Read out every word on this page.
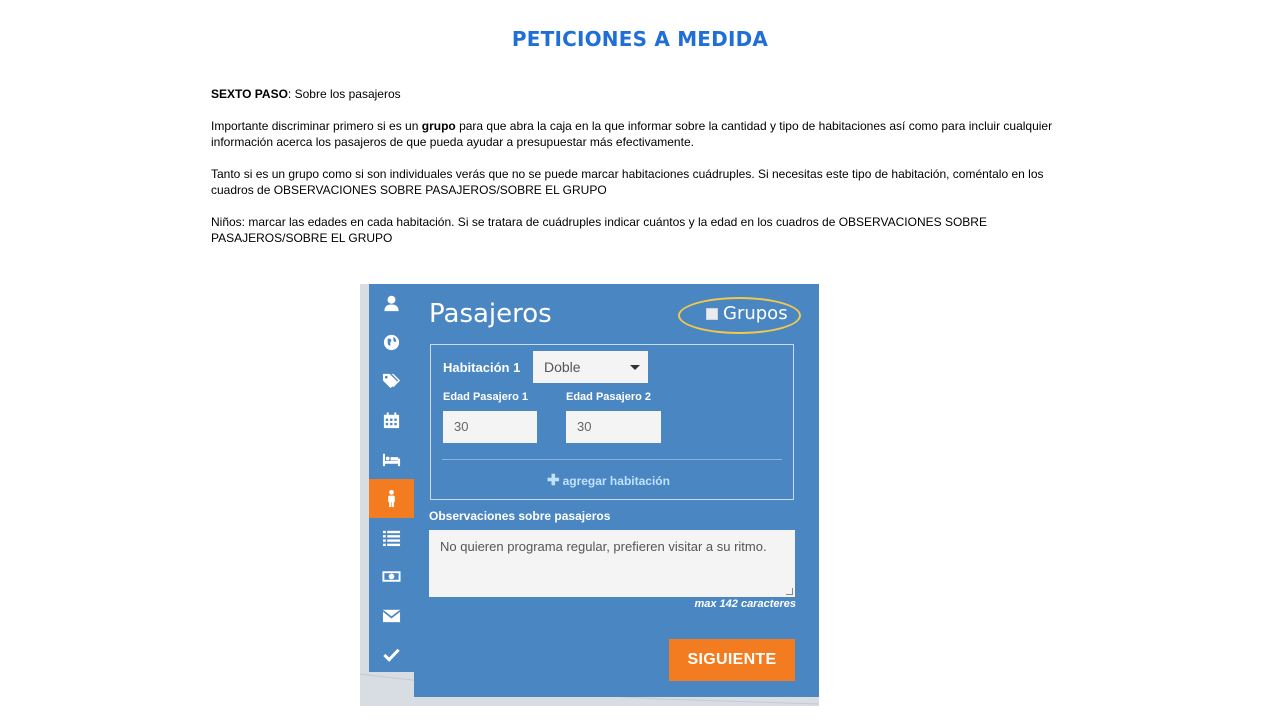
PETICIONES A MEDIDA

SEXTO PASO: Sobre los pasajeros

Importante discriminar primero si es un grupo para que abra la caja en la que informar sobre la cantidad y tipo de habitaciones así como para incluir cualquier información acerca los pasajeros de que pueda ayudar a presupuestar más efectivamente.

Tanto si es un grupo como si son individuales verás que no se puede marcar habitaciones cuádruples. Si necesitas este tipo de habitación, coméntalo en los cuadros de OBSERVACIONES SOBRE PASAJEROS/SOBRE EL GRUPO

Niños: marcar las edades en cada habitación. Si se tratara de cuádruples indicar cuántos y la edad en los cuadros de OBSERVACIONES SOBRE PASAJEROS/SOBRE EL GRUPO

Pasajeros	Grupos
Habitación 1	Doble
Edad Pasajero 1
30
Edad Pasajero 2
30
✚ agregar habitación
Observaciones sobre pasajeros
No quieren programa regular, prefieren visitar a su ritmo.
max 142 caracteres
SIGUIENTE
